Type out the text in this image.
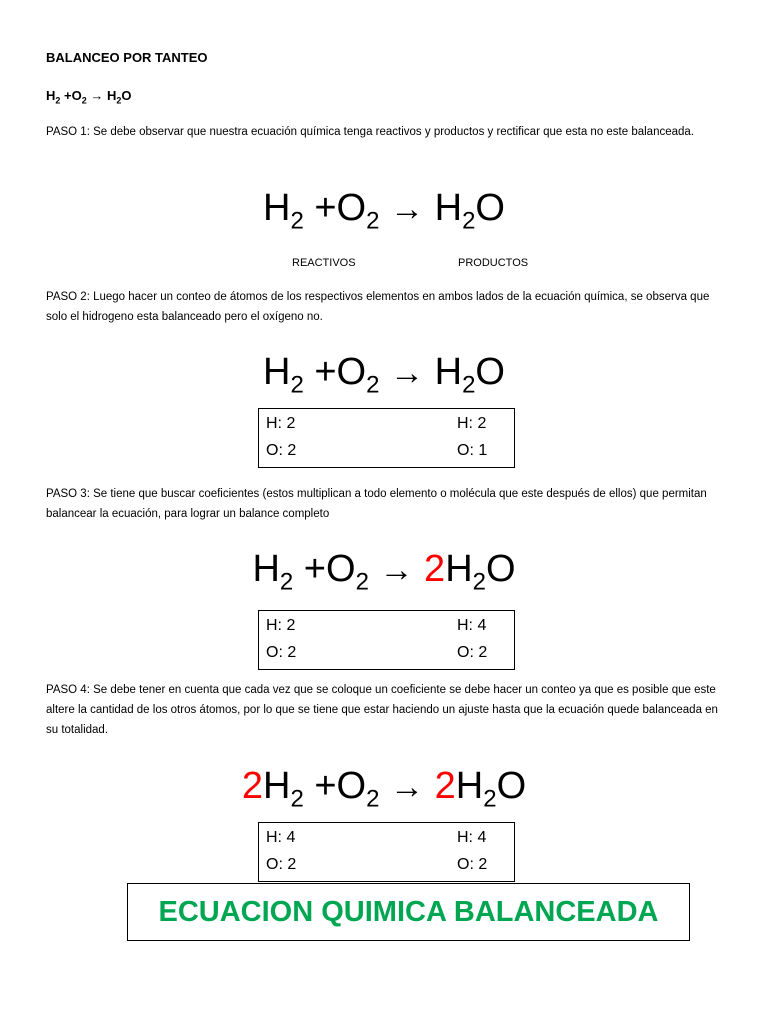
BALANCEO POR TANTEO
$H_2 +O_2 \to H_2O$
PASO 1: Se debe observar que nuestra ecuación química tenga reactivos y productos y rectificar que esta no este balanceada.
$H_2 +O_2 \to H_2O$
REACTIVOS	PRODUCTOS
PASO 2: Luego hacer un conteo de átomos de los respectivos elementos en ambos lados de la ecuación química, se observa que solo el hidrogeno esta balanceado pero el oxígeno no.
$H_2 +O_2 \to H_2O$
H: 2
O: 2
H: 2
O: 1
PASO 3: Se tiene que buscar coeficientes (estos multiplican a todo elemento o molécula que este después de ellos) que permitan balancear la ecuación, para lograr un balance completo
$H_2 +O_2 \to 2H_2O$
H: 2
O: 2
H: 4
O: 2
PASO 4: Se debe tener en cuenta que cada vez que se coloque un coeficiente se debe hacer un conteo ya que es posible que este altere la cantidad de los otros átomos, por lo que se tiene que estar haciendo un ajuste hasta que la ecuación quede balanceada en su totalidad.
$2H_2 +O_2 \to 2H_2O$
H: 4
O: 2
H: 4
O: 2
ECUACION QUIMICA BALANCEADA
